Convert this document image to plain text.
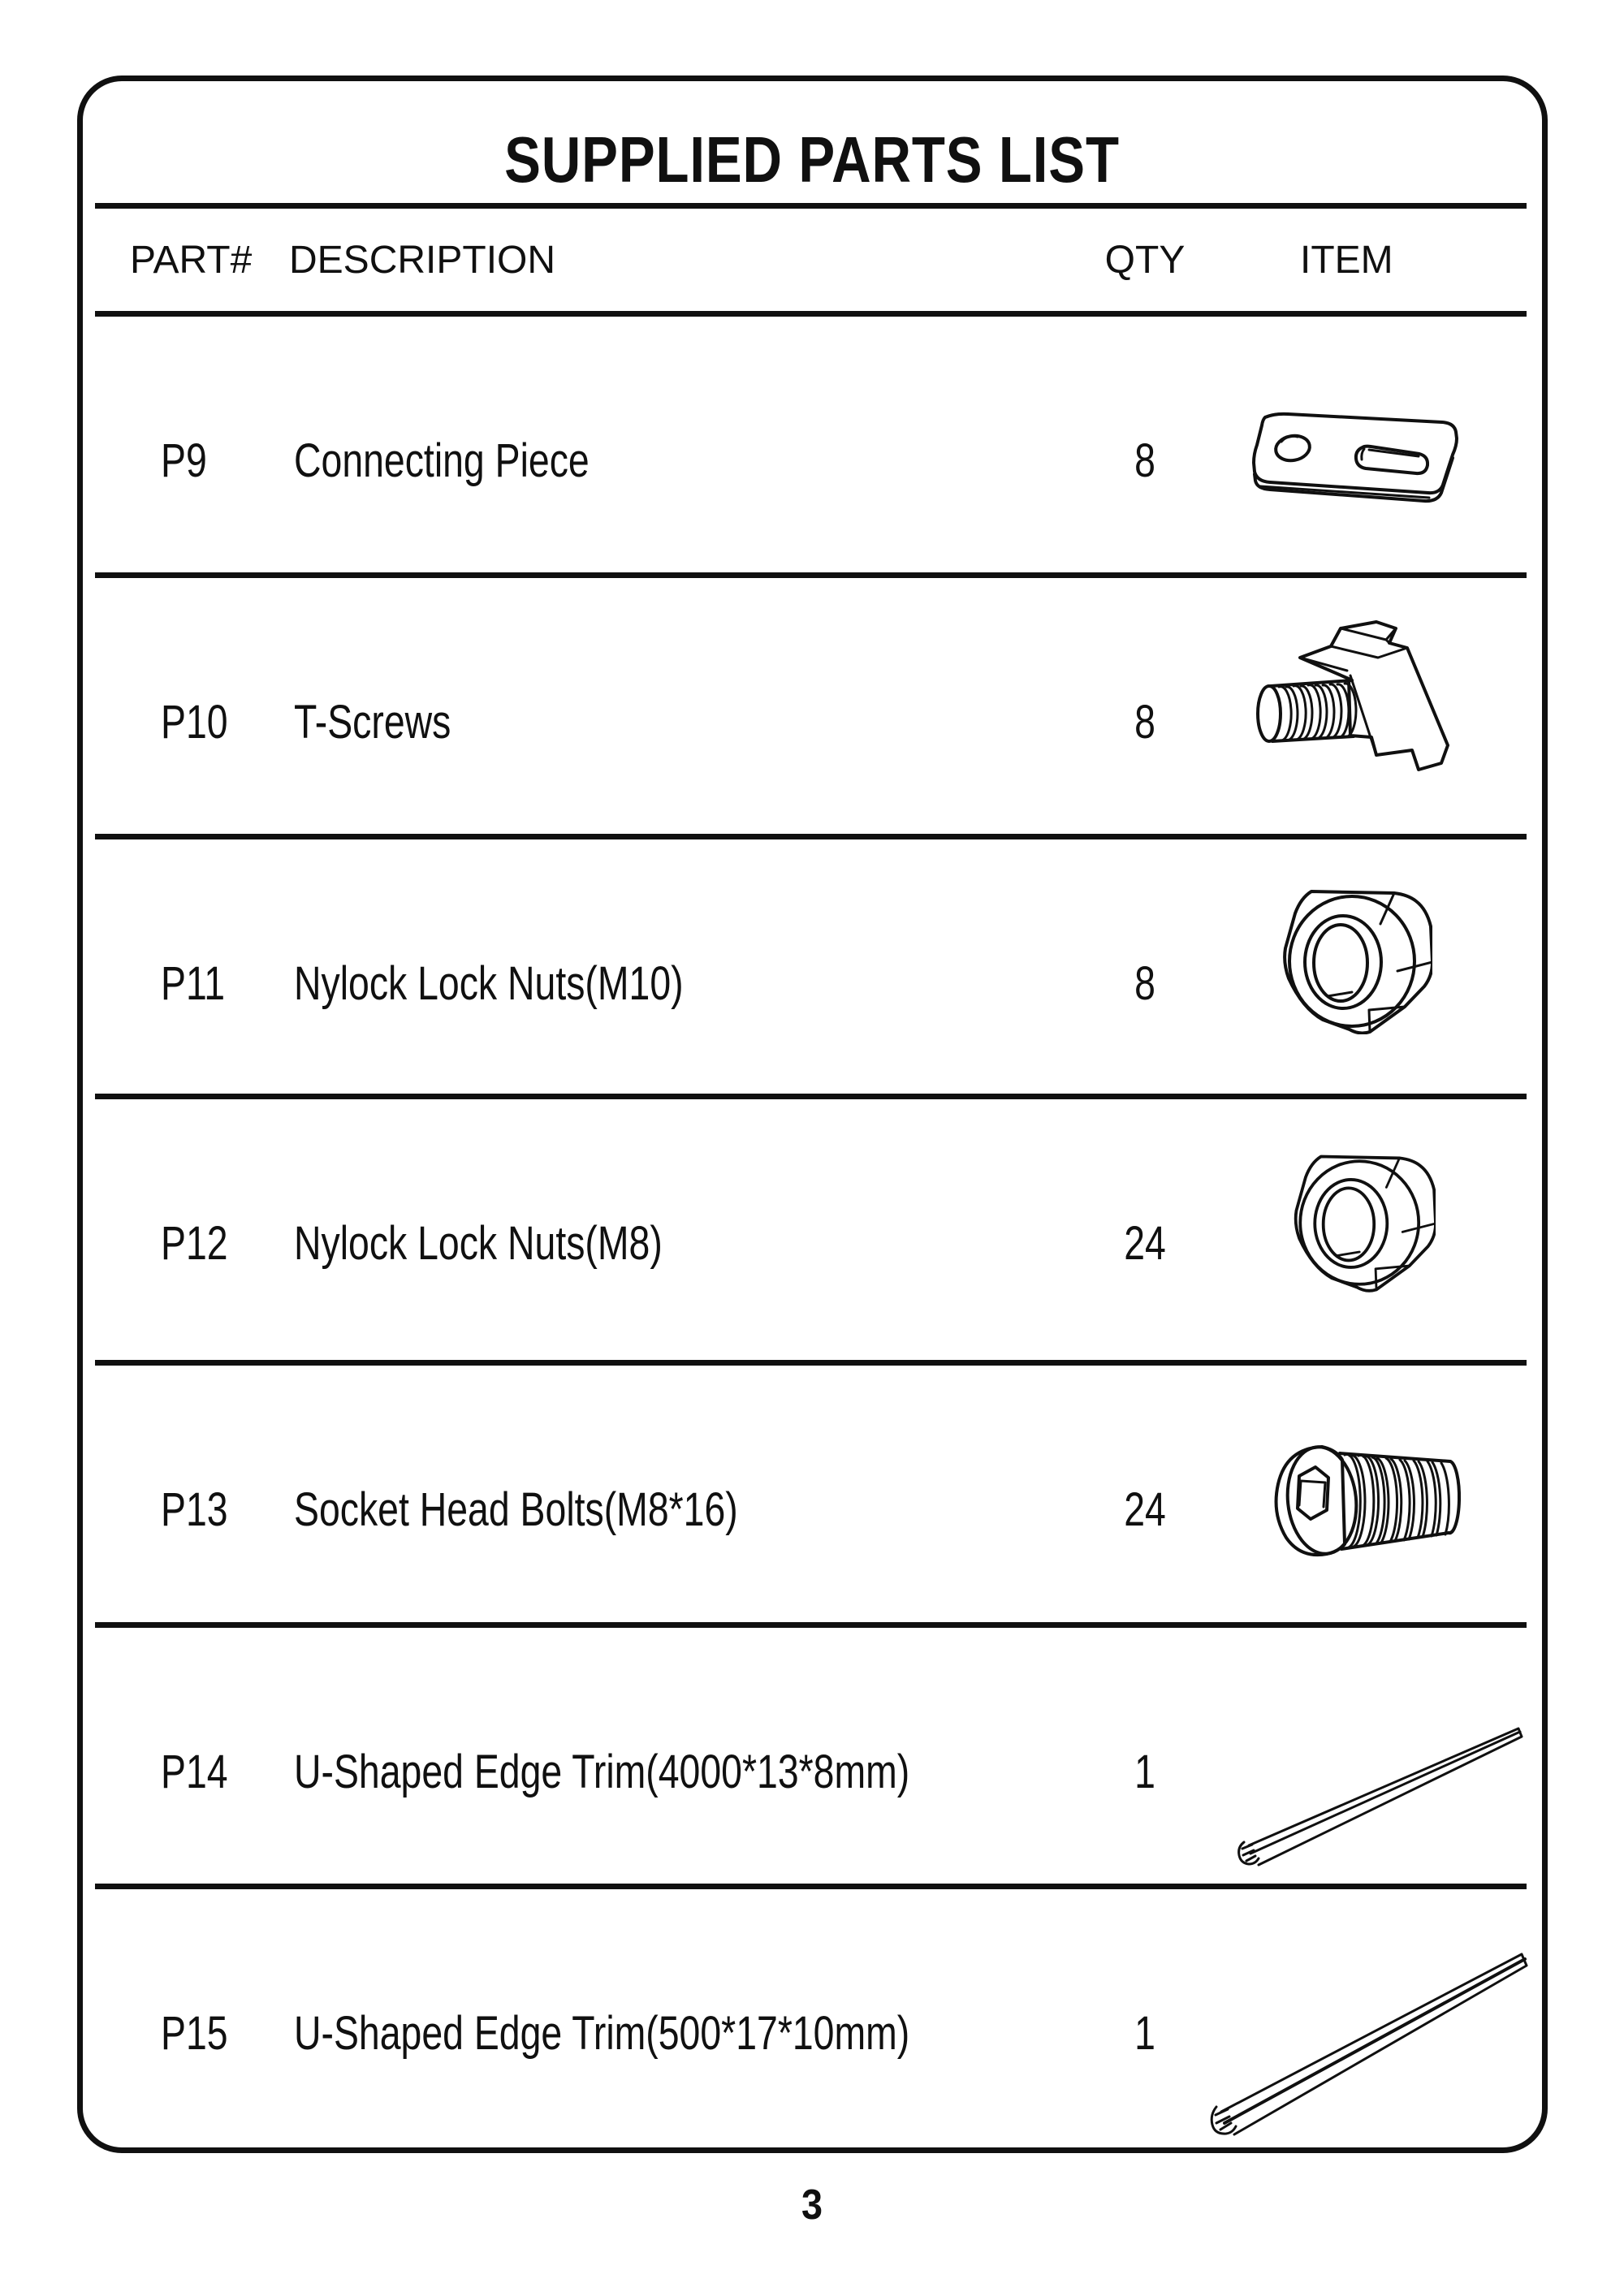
SUPPLIED PARTS LIST
PART# DESCRIPTION	QTY	ITEM
P9 Connecting Piece	8
P10 T-Screws	8
P11 Nylock Lock Nuts(M10)	8
P12 Nylock Lock Nuts(M8)	24
P13 Socket Head Bolts(M8*16)	24
P14 U-Shaped Edge Trim(4000*13*8mm)	1
P15 U-Shaped Edge Trim(500*17*10mm)	1
3
